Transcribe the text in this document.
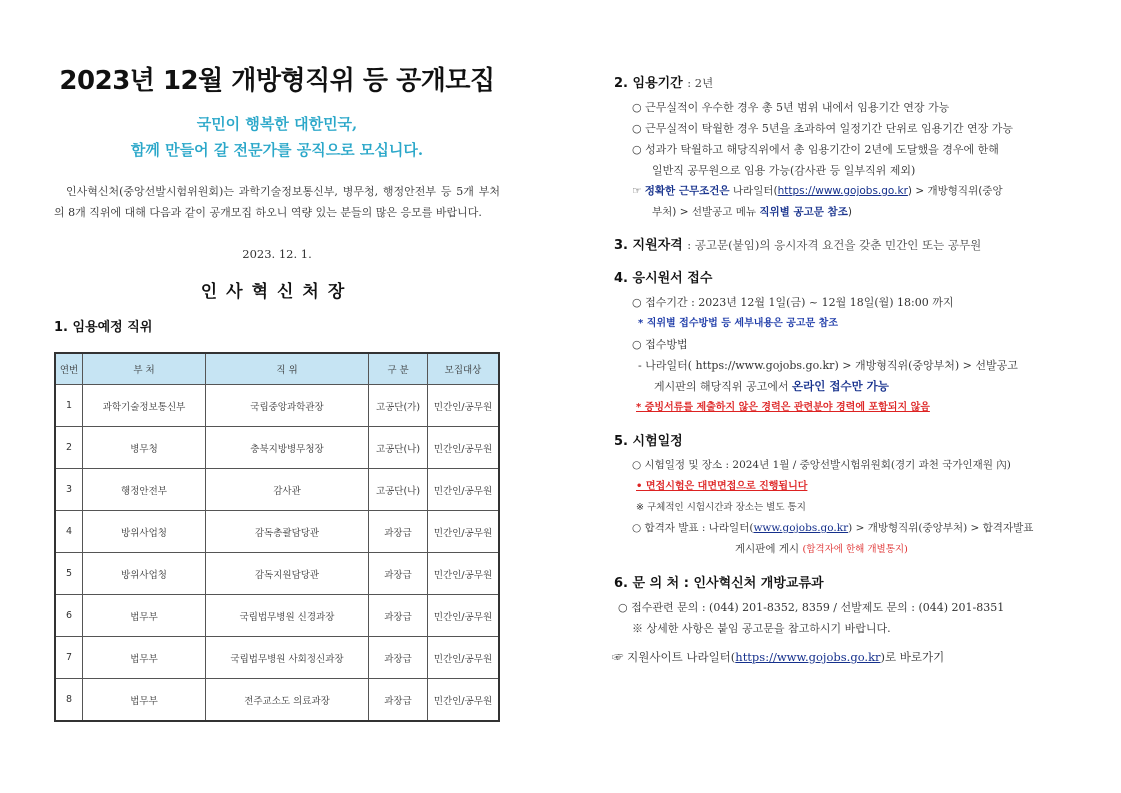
2023년 12월 개방형직위 등 공개모집
국민이 행복한 대한민국,
함께 만들어 갈 전문가를 공직으로 모십니다.
인사혁신처(중앙선발시험위원회)는 과학기술정보통신부, 병무청, 행정안전부 등 5개 부처의 8개 직위에 대해 다음과 같이 공개모집 하오니 역량 있는 분들의 많은 응모를 바랍니다.
2023. 12. 1.
인사혁신처장
1. 임용예정 직위
연번	부 처	직 위	구 분	모집대상
1	과학기술정보통신부	국립중앙과학관장	고공단(가)	민간인/공무원
2	병무청	충북지방병무청장	고공단(나)	민간인/공무원
3	행정안전부	감사관	고공단(나)	민간인/공무원
4	방위사업청	감독총괄담당관	과장급	민간인/공무원
5	방위사업청	감독지원담당관	과장급	민간인/공무원
6	법무부	국립법무병원 신경과장	과장급	민간인/공무원
7	법무부	국립법무병원 사회정신과장	과장급	민간인/공무원
8	법무부	전주교소도 의료과장	과장급	민간인/공무원
2. 임용기간 : 2년
○ 근무실적이 우수한 경우 총 5년 범위 내에서 임용기간 연장 가능
○ 근무실적이 탁월한 경우 5년을 초과하여 일정기간 단위로 임용기간 연장 가능
○ 성과가 탁월하고 해당직위에서 총 임용기간이 2년에 도달했을 경우에 한해
일반직 공무원으로 임용 가능(감사관 등 일부직위 제외)
☞ 정확한 근무조건은 나라일터(https://www.gojobs.go.kr) > 개방형직위(중앙
부처) > 선발공고 메뉴 직위별 공고문 참조)
3. 지원자격 : 공고문(붙임)의 응시자격 요건을 갖춘 민간인 또는 공무원
4. 응시원서 접수
○ 접수기간 : 2023년 12월 1일(금) ~ 12월 18일(월) 18:00 까지
* 직위별 접수방법 등 세부내용은 공고문 참조
○ 접수방법
- 나라일터( https://www.gojobs.go.kr) > 개방형직위(중앙부처) > 선발공고
게시판의 해당직위 공고에서 온라인 접수만 가능
* 증빙서류를 제출하지 않은 경력은 관련분야 경력에 포함되지 않음
5. 시험일정
○ 시험일정 및 장소 : 2024년 1월 / 중앙선발시험위원회(경기 과천 국가인재원 內)
• 면접시험은 대면면접으로 진행됩니다
※ 구체적인 시험시간과 장소는 별도 통지
○ 합격자 발표 : 나라일터(www.gojobs.go.kr) > 개방형직위(중앙부처) > 합격자발표
게시판에 게시 (합격자에 한해 개별통지)
6. 문 의 처 : 인사혁신처 개방교류과
○ 접수관련 문의 : (044) 201-8352, 8359 / 선발제도 문의 : (044) 201-8351
※ 상세한 사항은 붙임 공고문을 참고하시기 바랍니다.
☞ 지원사이트 나라일터(https://www.gojobs.go.kr)로 바로가기
